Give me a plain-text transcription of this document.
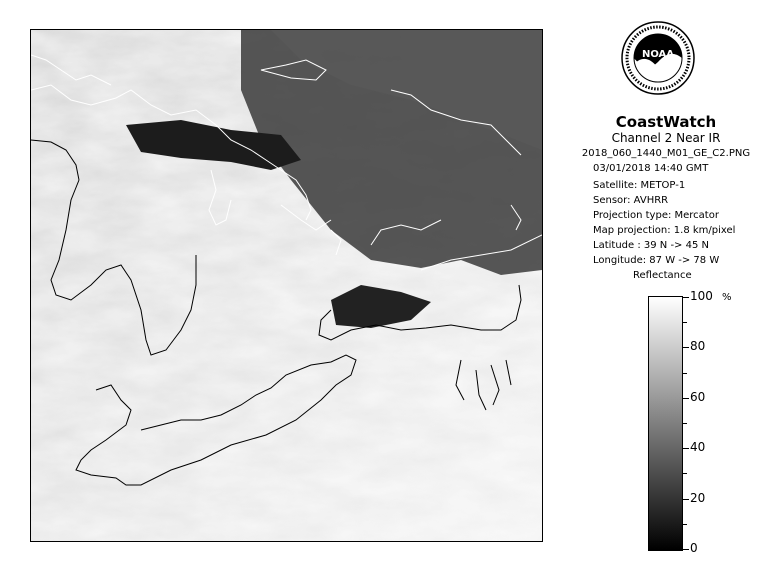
NOAA
CoastWatch
Channel 2 Near IR
2018_060_1440_M01_GE_C2.PNG
03/01/2018 14:40 GMT
Satellite: METOP-1
Sensor: AVHRR
Projection type: Mercator
Map projection: 1.8 km/pixel
Latitude : 39 N -> 45 N
Longitude: 87 W -> 78 W
Reflectance
%
100
80
60
40
20
0
